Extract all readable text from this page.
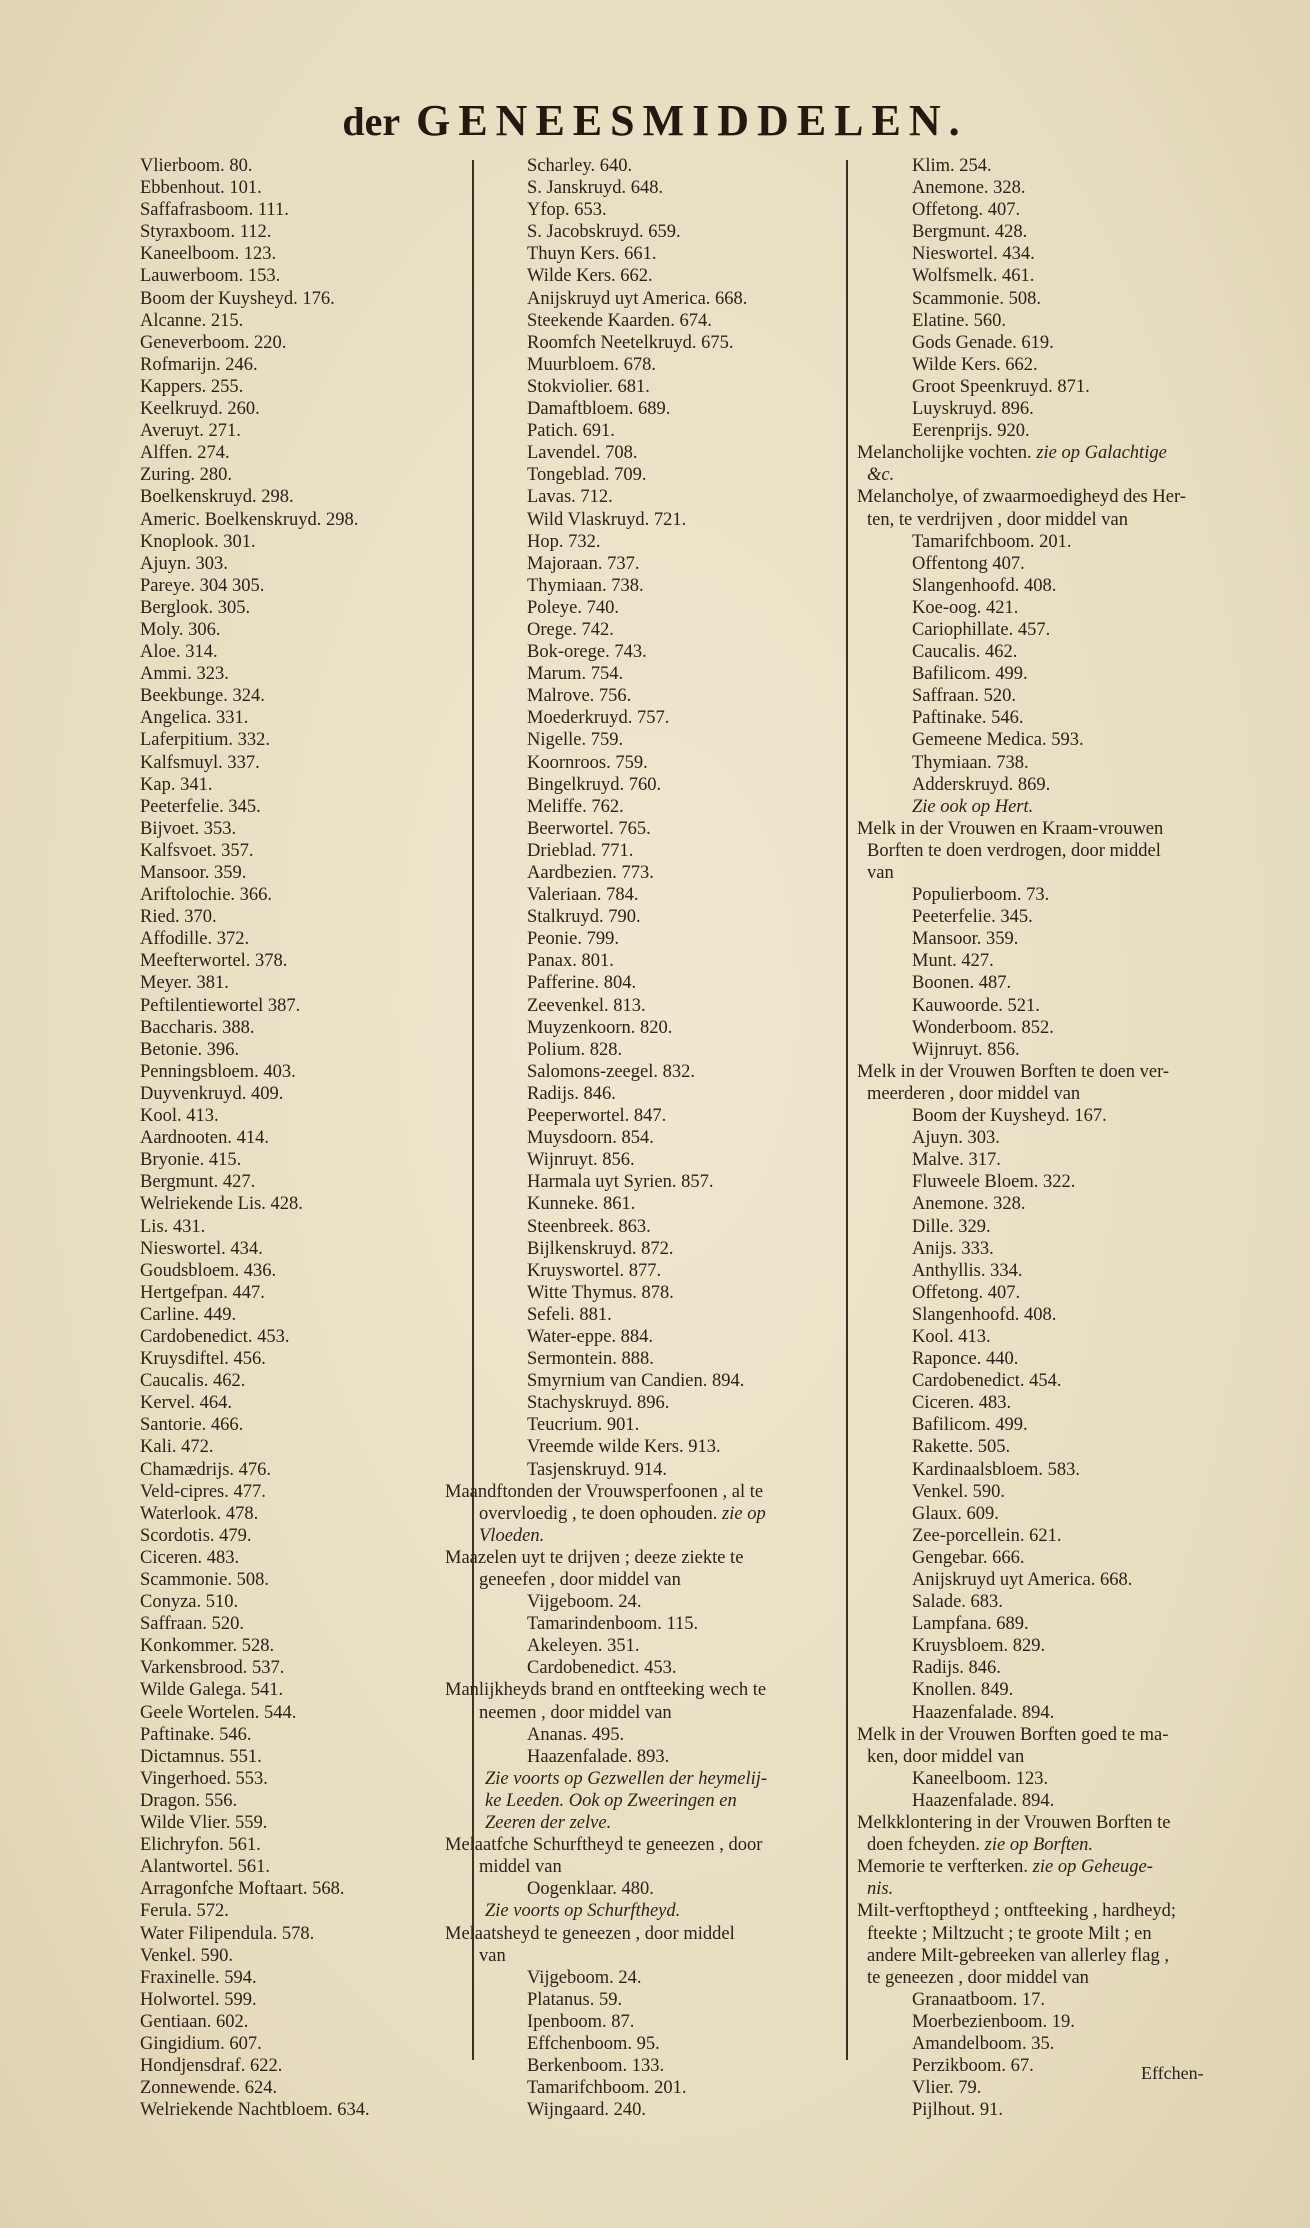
der GENEESMIDDELEN.
Vlierboom. 80.
Ebbenhout. 101.
Saffafrasboom. 111.
Styraxboom. 112.
Kaneelboom. 123.
Lauwerboom. 153.
Boom der Kuysheyd. 176.
Alcanne. 215.
Geneverboom. 220.
Rofmarijn. 246.
Kappers. 255.
Keelkruyd. 260.
Averuyt. 271.
Alffen. 274.
Zuring. 280.
Boelkenskruyd. 298.
Americ. Boelkenskruyd. 298.
Knoplook. 301.
Ajuyn. 303.
Pareye. 304 305.
Berglook. 305.
Moly. 306.
Aloe. 314.
Ammi. 323.
Beekbunge. 324.
Angelica. 331.
Laferpitium. 332.
Kalfsmuyl. 337.
Kap. 341.
Peeterfelie. 345.
Bijvoet. 353.
Kalfsvoet. 357.
Mansoor. 359.
Ariftolochie. 366.
Ried. 370.
Affodille. 372.
Meefterwortel. 378.
Meyer. 381.
Peftilentiewortel 387.
Baccharis. 388.
Betonie. 396.
Penningsbloem. 403.
Duyvenkruyd. 409.
Kool. 413.
Aardnooten. 414.
Bryonie. 415.
Bergmunt. 427.
Welriekende Lis. 428.
Lis. 431.
Nieswortel. 434.
Goudsbloem. 436.
Hertgefpan. 447.
Carline. 449.
Cardobenedict. 453.
Kruysdiftel. 456.
Caucalis. 462.
Kervel. 464.
Santorie. 466.
Kali. 472.
Chamædrijs. 476.
Veld-cipres. 477.
Waterlook. 478.
Scordotis. 479.
Ciceren. 483.
Scammonie. 508.
Conyza. 510.
Saffraan. 520.
Konkommer. 528.
Varkensbrood. 537.
Wilde Galega. 541.
Geele Wortelen. 544.
Paftinake. 546.
Dictamnus. 551.
Vingerhoed. 553.
Dragon. 556.
Wilde Vlier. 559.
Elichryfon. 561.
Alantwortel. 561.
Arragonfche Moftaart. 568.
Ferula. 572.
Water Filipendula. 578.
Venkel. 590.
Fraxinelle. 594.
Holwortel. 599.
Gentiaan. 602.
Gingidium. 607.
Hondjensdraf. 622.
Zonnewende. 624.
Welriekende Nachtbloem. 634.
Scharley. 640.
S. Janskruyd. 648.
Yfop. 653.
S. Jacobskruyd. 659.
Thuyn Kers. 661.
Wilde Kers. 662.
Anijskruyd uyt America. 668.
Steekende Kaarden. 674.
Roomfch Neetelkruyd. 675.
Muurbloem. 678.
Stokviolier. 681.
Damaftbloem. 689.
Patich. 691.
Lavendel. 708.
Tongeblad. 709.
Lavas. 712.
Wild Vlaskruyd. 721.
Hop. 732.
Majoraan. 737.
Thymiaan. 738.
Poleye. 740.
Orege. 742.
Bok-orege. 743.
Marum. 754.
Malrove. 756.
Moederkruyd. 757.
Nigelle. 759.
Koornroos. 759.
Bingelkruyd. 760.
Meliffe. 762.
Beerwortel. 765.
Drieblad. 771.
Aardbezien. 773.
Valeriaan. 784.
Stalkruyd. 790.
Peonie. 799.
Panax. 801.
Pafferine. 804.
Zeevenkel. 813.
Muyzenkoorn. 820.
Polium. 828.
Salomons-zeegel. 832.
Radijs. 846.
Peeperwortel. 847.
Muysdoorn. 854.
Wijnruyt. 856.
Harmala uyt Syrien. 857.
Kunneke. 861.
Steenbreek. 863.
Bijlkenskruyd. 872.
Kruyswortel. 877.
Witte Thymus. 878.
Sefeli. 881.
Water-eppe. 884.
Sermontein. 888.
Smyrnium van Candien. 894.
Stachyskruyd. 896.
Teucrium. 901.
Vreemde wilde Kers. 913.
Tasjenskruyd. 914.
Maandftonden der Vrouwsperfoonen , al te
overvloedig , te doen ophouden. zie op
Vloeden.
Maazelen uyt te drijven ; deeze ziekte te
geneefen , door middel van
Vijgeboom. 24.
Tamarindenboom. 115.
Akeleyen. 351.
Cardobenedict. 453.
Manlijkheyds brand en ontfteeking wech te
neemen , door middel van
Ananas. 495.
Haazenfalade. 893.
Zie voorts op Gezwellen der heymelij-
ke Leeden. Ook op Zweeringen en
Zeeren der zelve.
Melaatfche Schurftheyd te geneezen , door
middel van
Oogenklaar. 480.
Zie voorts op Schurftheyd.
Melaatsheyd te geneezen , door middel
van
Vijgeboom. 24.
Platanus. 59.
Ipenboom. 87.
Effchenboom. 95.
Berkenboom. 133.
Tamarifchboom. 201.
Wijngaard. 240.
Klim. 254.
Anemone. 328.
Offetong. 407.
Bergmunt. 428.
Nieswortel. 434.
Wolfsmelk. 461.
Scammonie. 508.
Elatine. 560.
Gods Genade. 619.
Wilde Kers. 662.
Groot Speenkruyd. 871.
Luyskruyd. 896.
Eerenprijs. 920.
Melancholijke vochten. zie op Galachtige
&c.
Melancholye, of zwaarmoedigheyd des Her-
ten, te verdrijven , door middel van
Tamarifchboom. 201.
Offentong 407.
Slangenhoofd. 408.
Koe-oog. 421.
Cariophillate. 457.
Caucalis. 462.
Bafilicom. 499.
Saffraan. 520.
Paftinake. 546.
Gemeene Medica. 593.
Thymiaan. 738.
Adderskruyd. 869.
Zie ook op Hert.
Melk in der Vrouwen en Kraam-vrouwen
Borften te doen verdrogen, door middel
van
Populierboom. 73.
Peeterfelie. 345.
Mansoor. 359.
Munt. 427.
Boonen. 487.
Kauwoorde. 521.
Wonderboom. 852.
Wijnruyt. 856.
Melk in der Vrouwen Borften te doen ver-
meerderen , door middel van
Boom der Kuysheyd. 167.
Ajuyn. 303.
Malve. 317.
Fluweele Bloem. 322.
Anemone. 328.
Dille. 329.
Anijs. 333.
Anthyllis. 334.
Offetong. 407.
Slangenhoofd. 408.
Kool. 413.
Raponce. 440.
Cardobenedict. 454.
Ciceren. 483.
Bafilicom. 499.
Rakette. 505.
Kardinaalsbloem. 583.
Venkel. 590.
Glaux. 609.
Zee-porcellein. 621.
Gengebar. 666.
Anijskruyd uyt America. 668.
Salade. 683.
Lampfana. 689.
Kruysbloem. 829.
Radijs. 846.
Knollen. 849.
Haazenfalade. 894.
Melk in der Vrouwen Borften goed te ma-
ken, door middel van
Kaneelboom. 123.
Haazenfalade. 894.
Melkklontering in der Vrouwen Borften te
doen fcheyden. zie op Borften.
Memorie te verfterken. zie op Geheuge-
nis.
Milt-verftoptheyd ; ontfteeking , hardheyd;
fteekte ; Miltzucht ; te groote Milt ; en
andere Milt-gebreeken van allerley flag ,
te geneezen , door middel van
Granaatboom. 17.
Moerbezienboom. 19.
Amandelboom. 35.
Perzikboom. 67.
Vlier. 79.
Pijlhout. 91.
Effchen-
